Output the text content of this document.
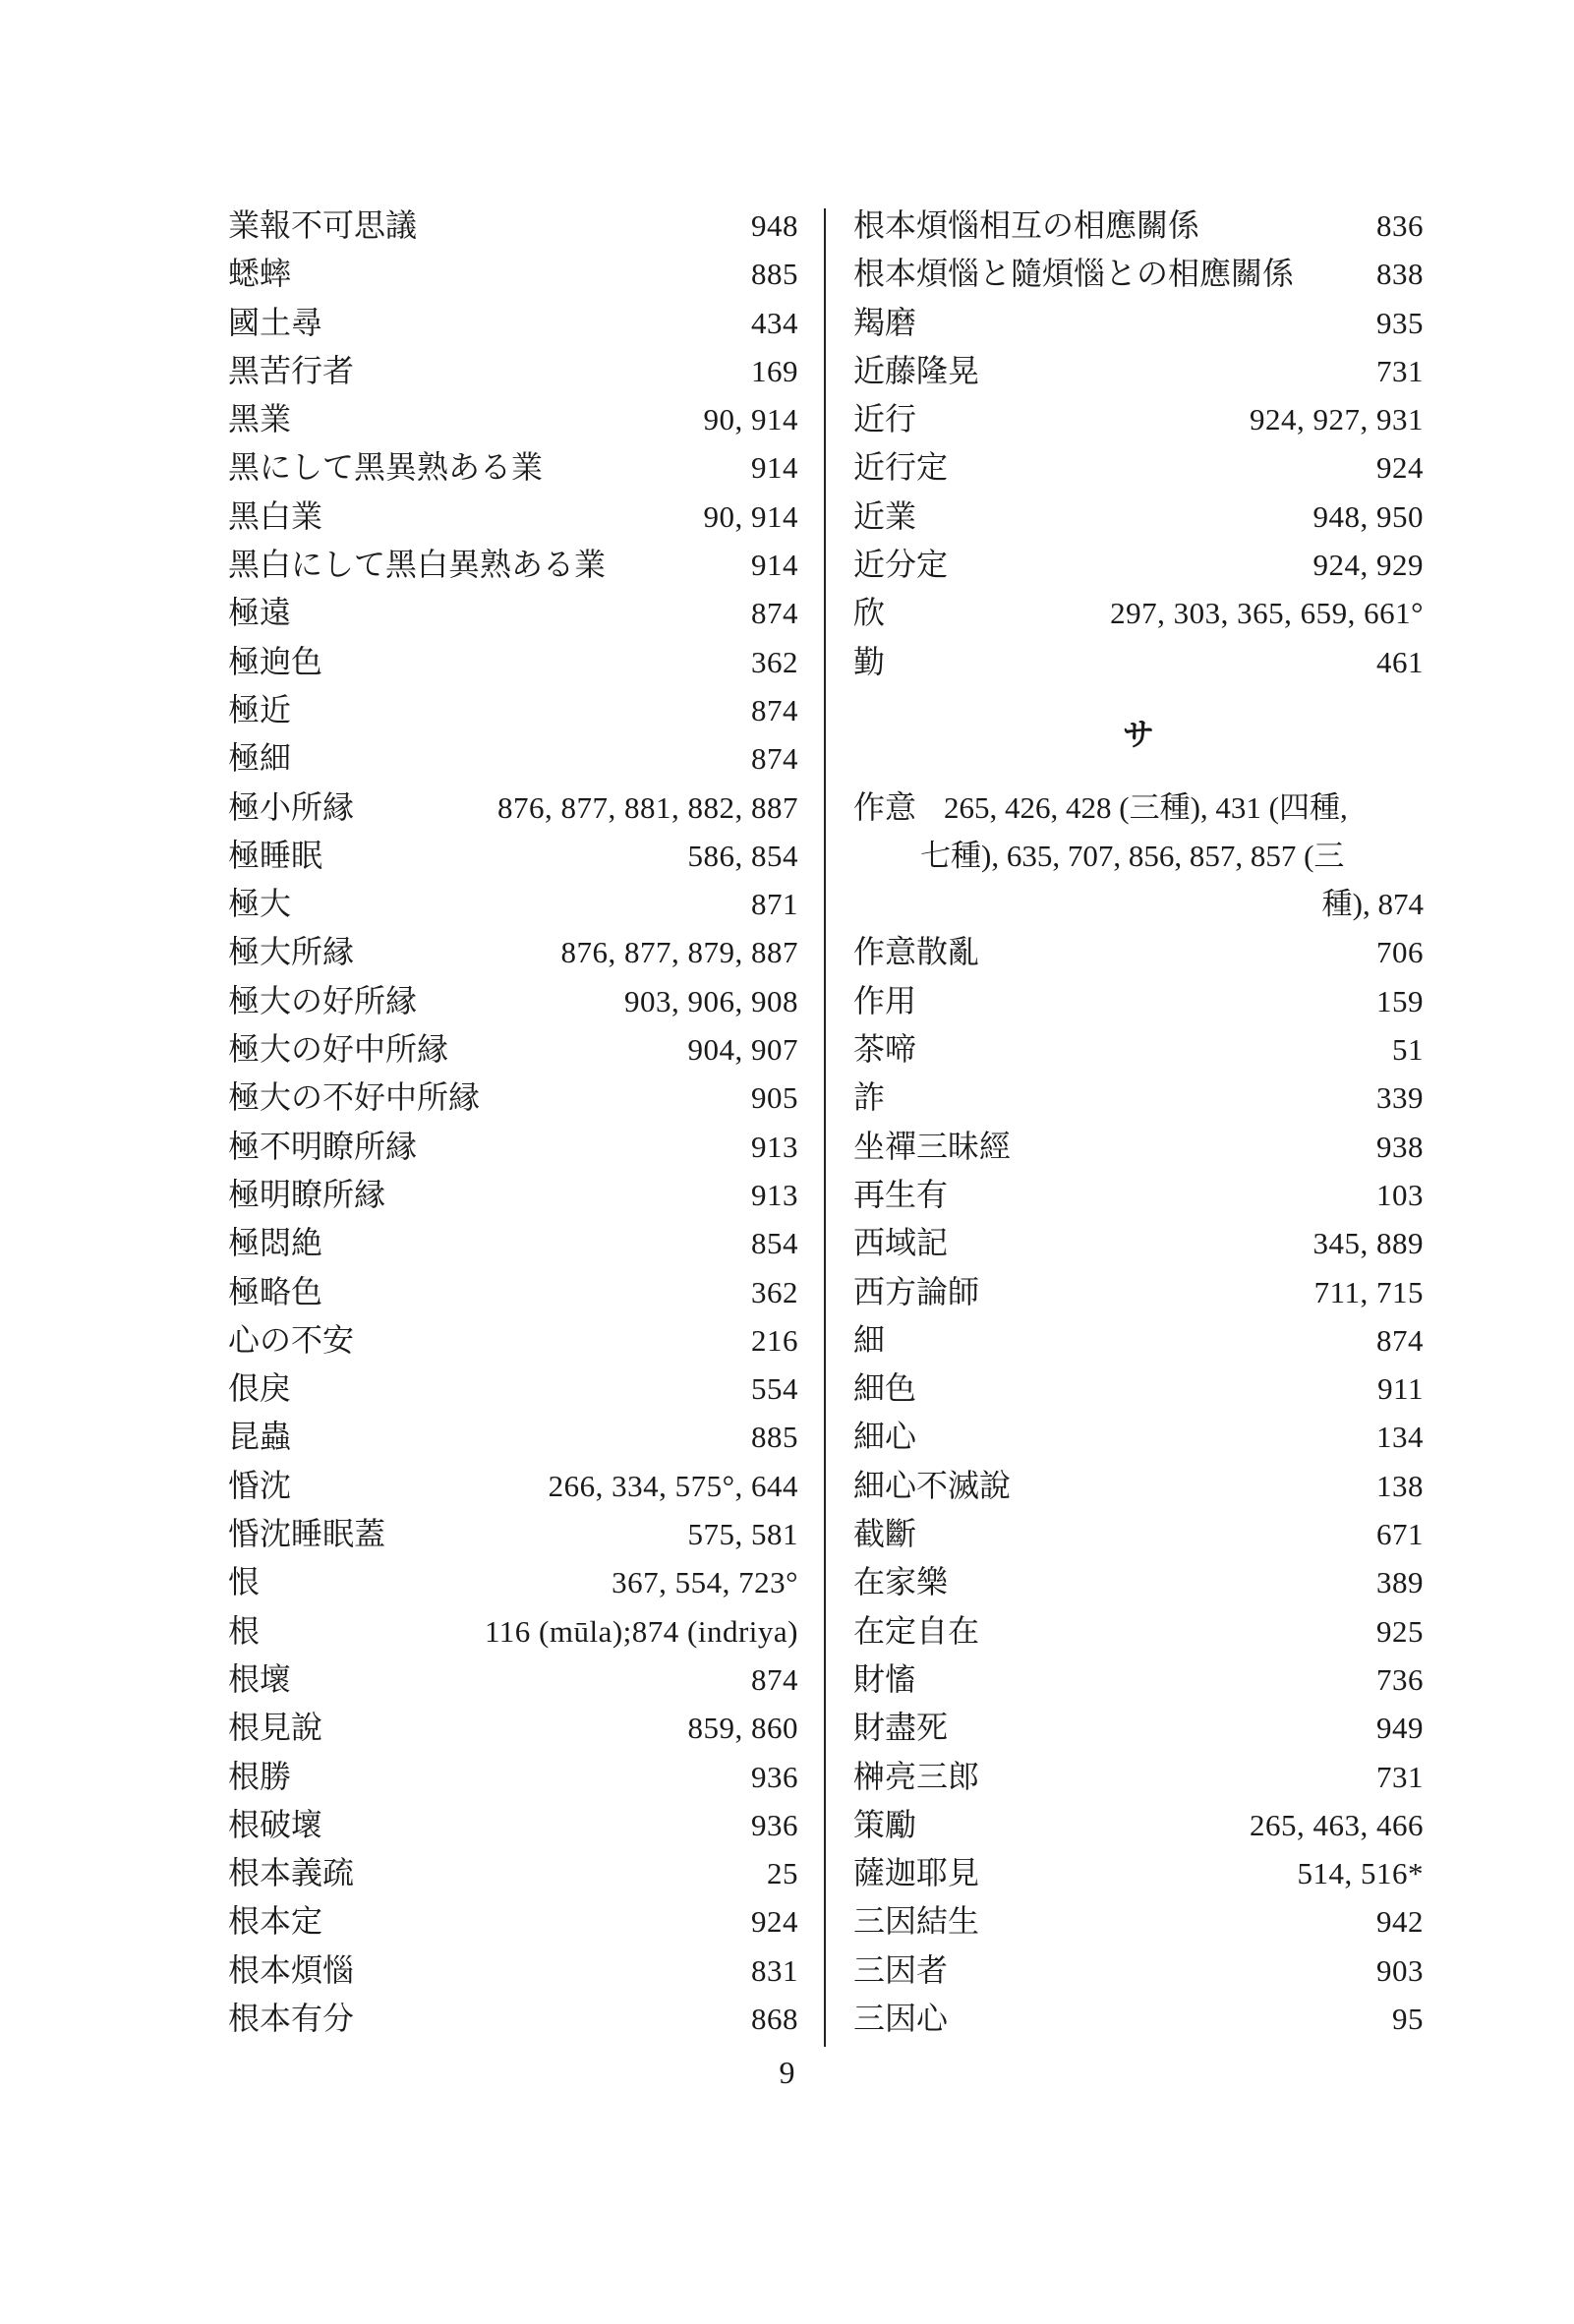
業報不可思議	948
蟋蟀	885
國土尋	434
黑苦行者	169
黑業	90, 914
黑にして黑異熟ある業	914
黑白業	90, 914
黑白にして黑白異熟ある業	914
極遠	874
極逈色	362
極近	874
極細	874
極小所縁	876, 877, 881, 882, 887
極睡眠	586, 854
極大	871
極大所縁	876, 877, 879, 887
極大の好所縁	903, 906, 908
極大の好中所縁	904, 907
極大の不好中所縁	905
極不明瞭所縁	913
極明瞭所縁	913
極悶絶	854
極略色	362
心の不安	216
佷戾	554
昆蟲	885
惛沈	266, 334, 575°, 644
惛沈睡眠蓋	575, 581
恨	367, 554, 723°
根	116 (mūla);874 (indriya)
根壞	874
根見說	859, 860
根勝	936
根破壞	936
根本義疏	25
根本定	924
根本煩惱	831
根本有分	868
根本煩惱相互の相應關係	836
根本煩惱と隨煩惱との相應關係	838
羯磨	935
近藤隆晃	731
近行	924, 927, 931
近行定	924
近業	948, 950
近分定	924, 929
欣	297, 303, 365, 659, 661°
勤	461
サ
作意 265, 426, 428 (三種), 431 (四種,
七種), 635, 707, 856, 857, 857 (三
種), 874
作意散亂	706
作用	159
茶啼	51
詐	339
坐禪三昧經	938
再生有	103
西域記	345, 889
西方論師	711, 715
細	874
細色	911
細心	134
細心不滅說	138
截斷	671
在家樂	389
在定自在	925
財慉	736
財盡死	949
榊亮三郎	731
策勵	265, 463, 466
薩迦耶見	514, 516*
三因結生	942
三因者	903
三因心	95
9
